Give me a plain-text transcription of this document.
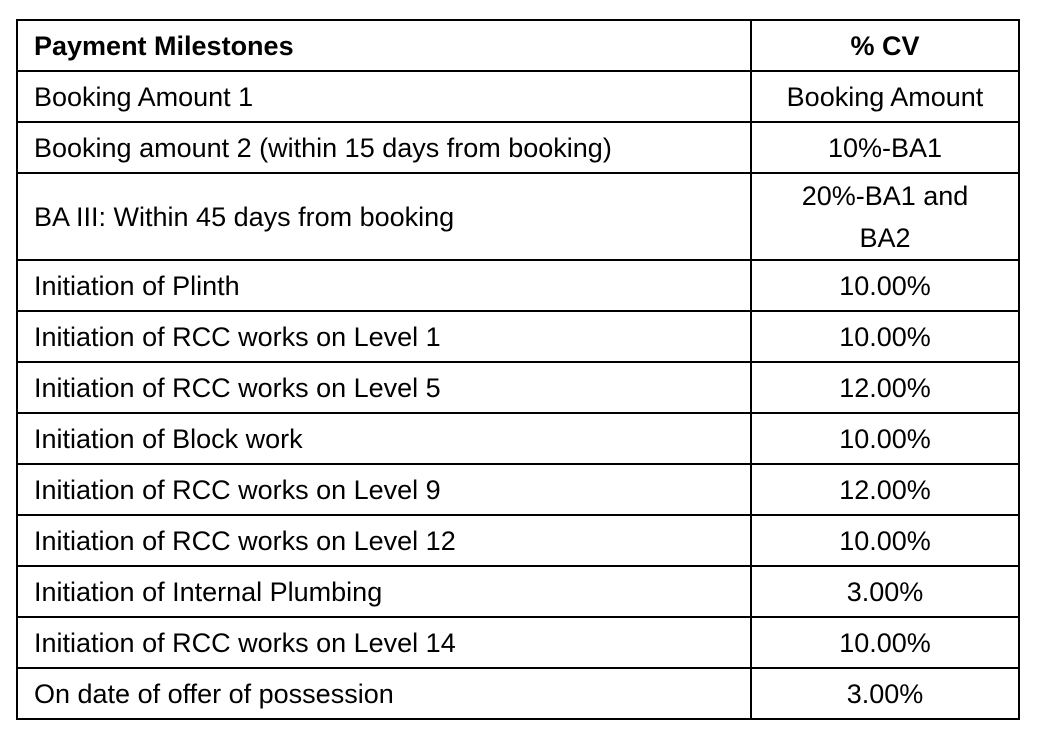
Payment Milestones	% CV
Booking Amount 1	Booking Amount
Booking amount 2 (within 15 days from booking)	10%-BA1
BA III: Within 45 days from booking	20%-BA1 and
BA2

Initiation of Plinth	10.00%
Initiation of RCC works on Level 1	10.00%
Initiation of RCC works on Level 5	12.00%
Initiation of Block work	10.00%
Initiation of RCC works on Level 9	12.00%
Initiation of RCC works on Level 12	10.00%
Initiation of Internal Plumbing	3.00%
Initiation of RCC works on Level 14	10.00%
On date of offer of possession	3.00%
